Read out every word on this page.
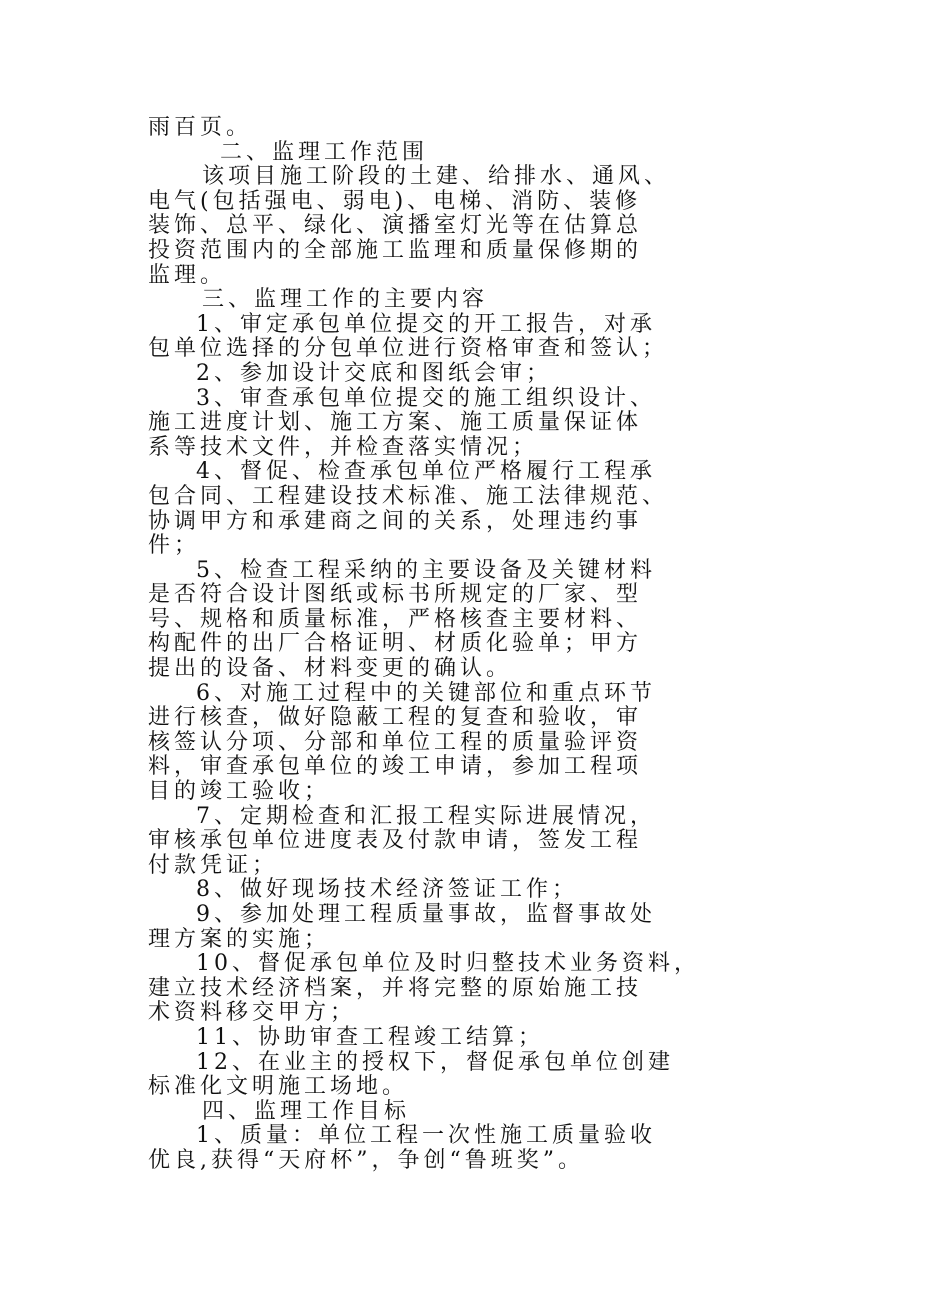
雨百页。
二、监理工作范围
该项目施工阶段的土建、给排水、通风、
电气(包括强电、弱电)、电梯、消防、装修
装饰、总平、绿化、演播室灯光等在估算总
投资范围内的全部施工监理和质量保修期的
监理。
三、监理工作的主要内容
1、审定承包单位提交的开工报告，对承
包单位选择的分包单位进行资格审查和签认；
2、参加设计交底和图纸会审；
3、审查承包单位提交的施工组织设计、
施工进度计划、施工方案、施工质量保证体
系等技术文件，并检查落实情况；
4、督促、检查承包单位严格履行工程承
包合同、工程建设技术标准、施工法律规范、
协调甲方和承建商之间的关系，处理违约事
件；
5、检查工程采纳的主要设备及关键材料
是否符合设计图纸或标书所规定的厂家、型
号、规格和质量标准，严格核查主要材料、
构配件的出厂合格证明、材质化验单；甲方
提出的设备、材料变更的确认。
6、对施工过程中的关键部位和重点环节
进行核查，做好隐蔽工程的复查和验收，审
核签认分项、分部和单位工程的质量验评资
料，审查承包单位的竣工申请，参加工程项
目的竣工验收；
7、定期检查和汇报工程实际进展情况，
审核承包单位进度表及付款申请，签发工程
付款凭证；
8、做好现场技术经济签证工作；
9、参加处理工程质量事故，监督事故处
理方案的实施；
10、督促承包单位及时归整技术业务资料，
建立技术经济档案，并将完整的原始施工技
术资料移交甲方；
11、协助审查工程竣工结算；
12、在业主的授权下，督促承包单位创建
标准化文明施工场地。
四、监理工作目标
1、质量：单位工程一次性施工质量验收
优良,获得“天府杯”，争创“鲁班奖”。
